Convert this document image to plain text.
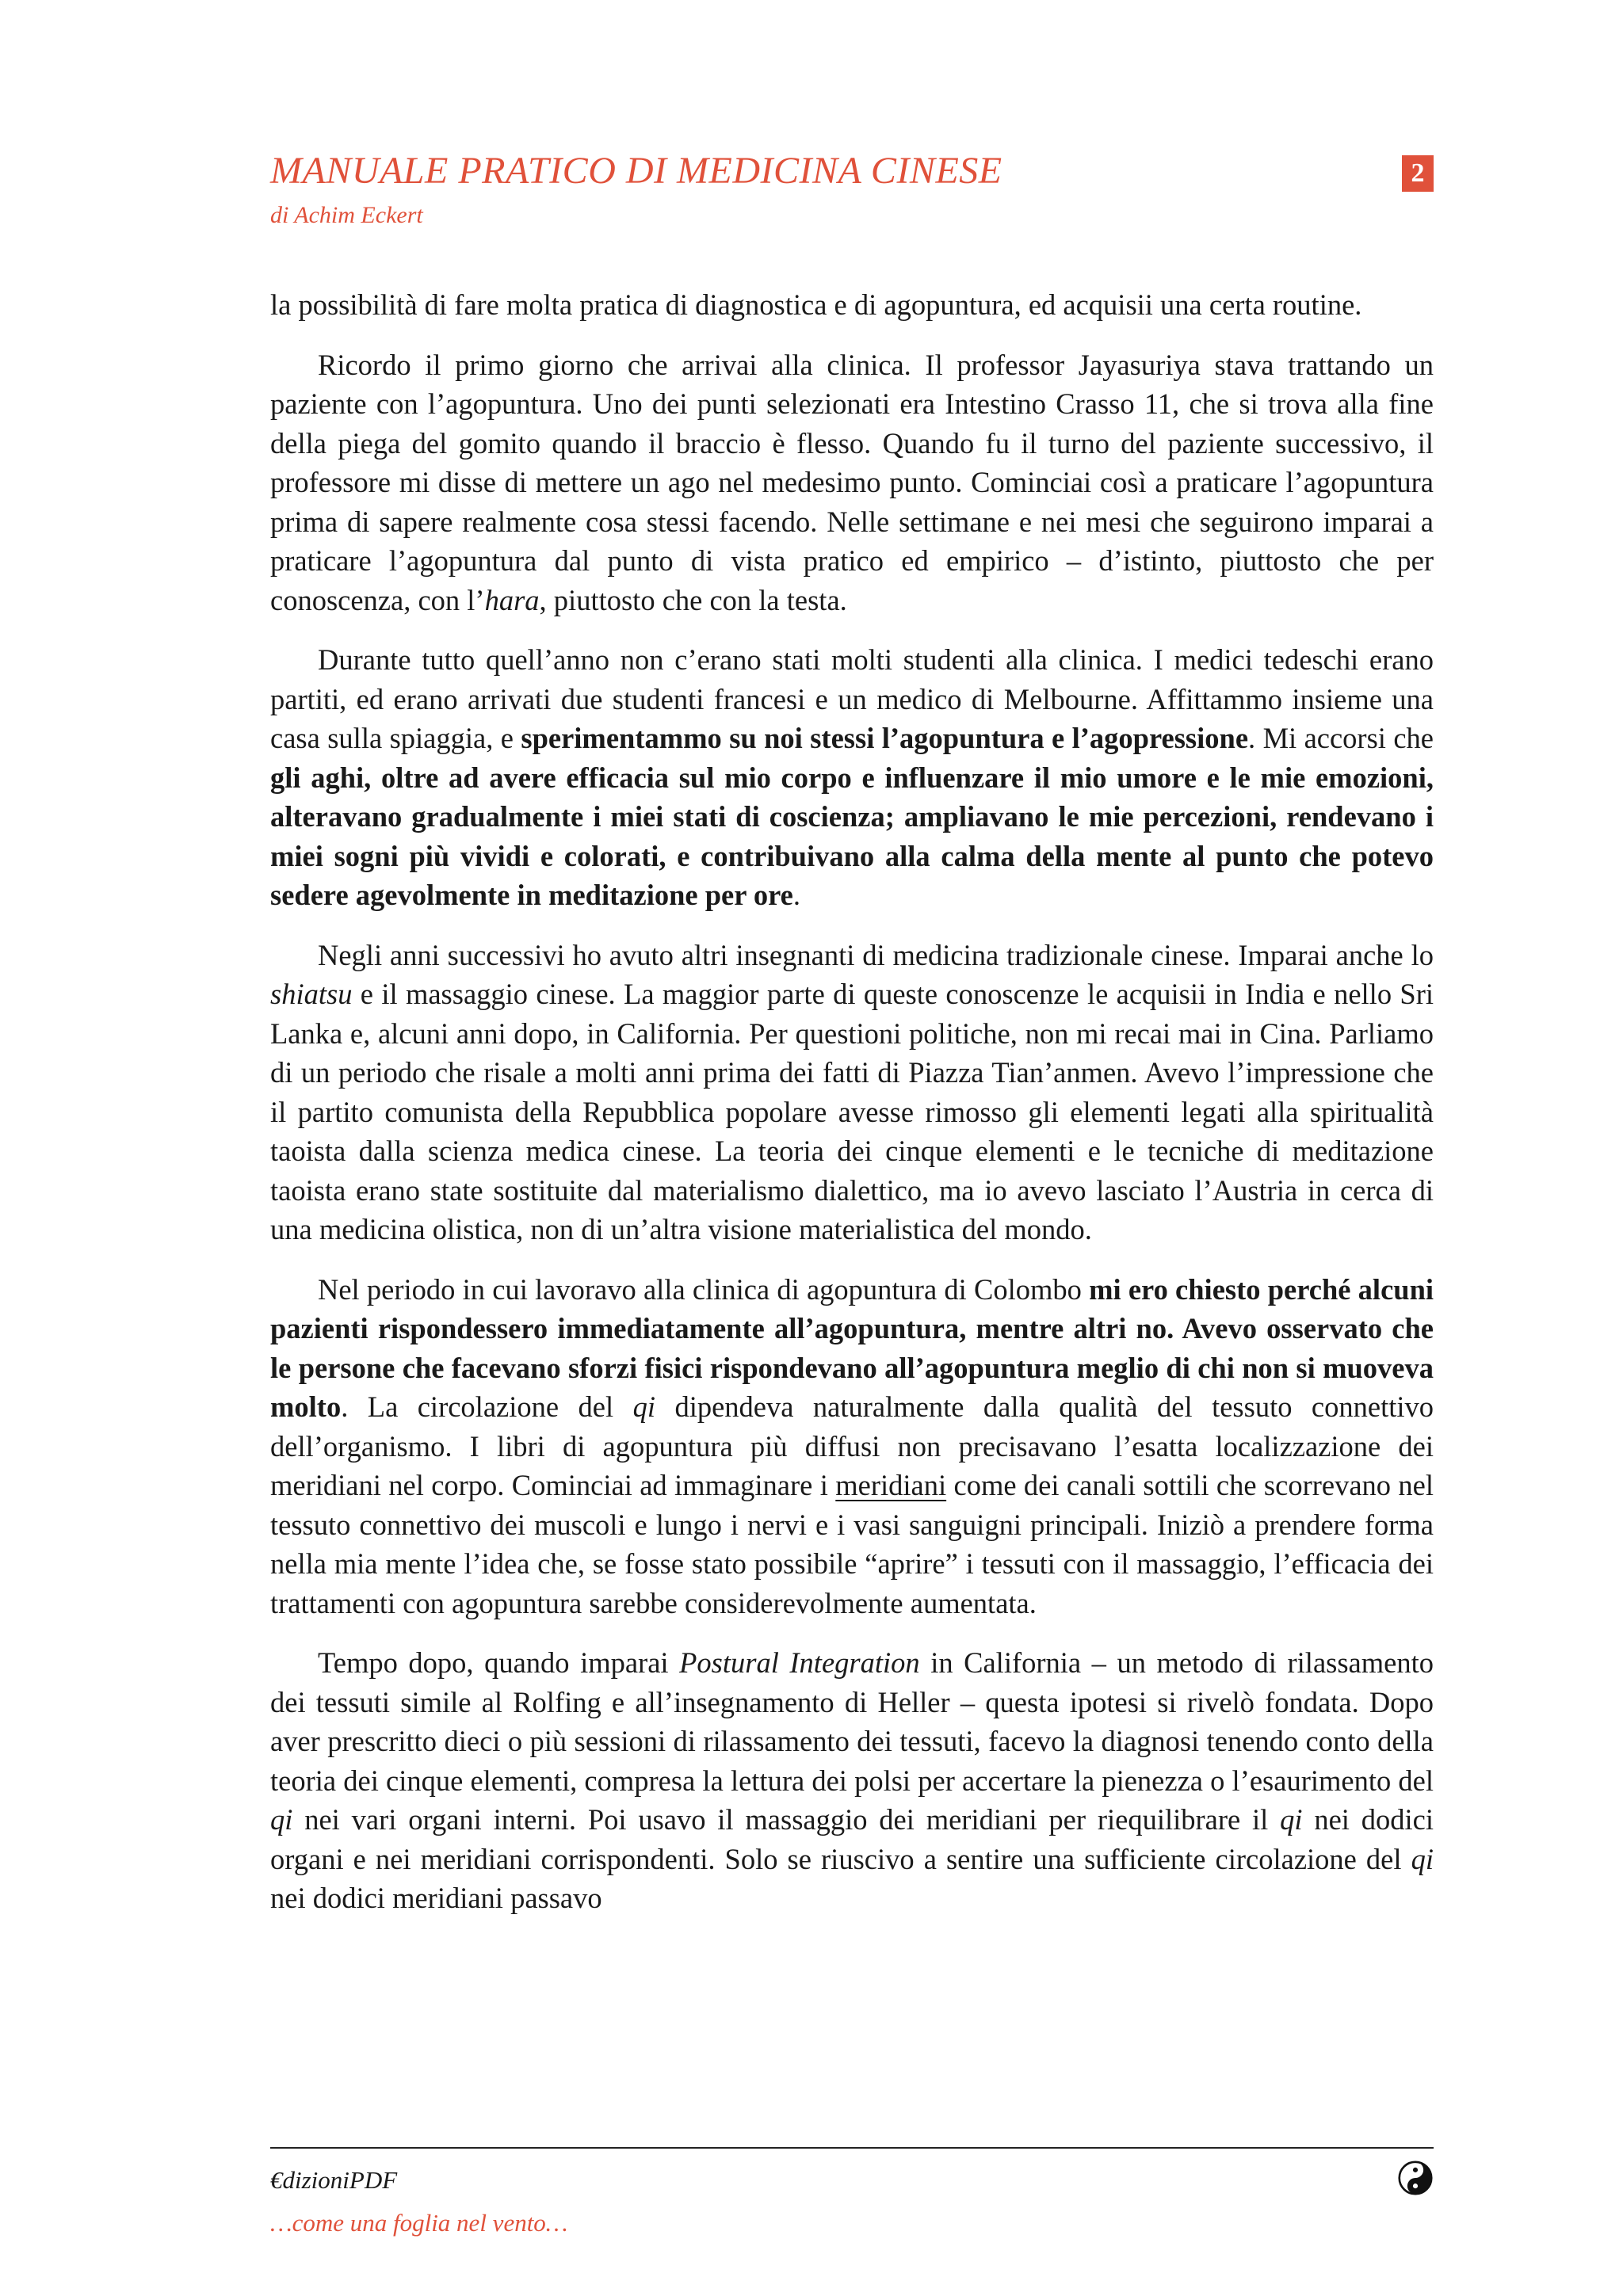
MANUALE PRATICO DI MEDICINA CINESE
di Achim Eckert
2

la possibilità di fare molta pratica di diagnostica e di agopuntura, ed acquisii una certa routine.

Ricordo il primo giorno che arrivai alla clinica. Il professor Jayasuriya stava trattando un paziente con l’agopuntura. Uno dei punti selezionati era Intestino Crasso 11, che si trova alla fine della piega del gomito quando il braccio è flesso. Quando fu il turno del paziente successivo, il professore mi disse di mettere un ago nel medesimo punto. Cominciai così a praticare l’agopuntura prima di sapere realmente cosa stessi facendo. Nelle settimane e nei mesi che seguirono imparai a praticare l’agopuntura dal punto di vista pratico ed empirico – d’istinto, piuttosto che per conoscenza, con l’hara, piuttosto che con la testa.

Durante tutto quell’anno non c’erano stati molti studenti alla clinica. I medici tedeschi erano partiti, ed erano arrivati due studenti francesi e un medico di Melbourne. Affittammo insieme una casa sulla spiaggia, e sperimentammo su noi stessi l’agopuntura e l’agopressione. Mi accorsi che gli aghi, oltre ad avere efficacia sul mio corpo e influenzare il mio umore e le mie emozioni, alteravano gradualmente i miei stati di coscienza; ampliavano le mie percezioni, rendevano i miei sogni più vividi e colorati, e contribuivano alla calma della mente al punto che potevo sedere agevolmente in meditazione per ore.

Negli anni successivi ho avuto altri insegnanti di medicina tradizionale cinese. Imparai anche lo shiatsu e il massaggio cinese. La maggior parte di queste conoscenze le acquisii in India e nello Sri Lanka e, alcuni anni dopo, in California. Per questioni politiche, non mi recai mai in Cina. Parliamo di un periodo che risale a molti anni prima dei fatti di Piazza Tian’anmen. Avevo l’impressione che il partito comunista della Repubblica popolare avesse rimosso gli elementi legati alla spiritualità taoista dalla scienza medica cinese. La teoria dei cinque elementi e le tecniche di meditazione taoista erano state sostituite dal materialismo dialettico, ma io avevo lasciato l’Austria in cerca di una medicina olistica, non di un’altra visione materialistica del mondo.

Nel periodo in cui lavoravo alla clinica di agopuntura di Colombo mi ero chiesto perché alcuni pazienti rispondessero immediatamente all’agopuntura, mentre altri no. Avevo osservato che le persone che facevano sforzi fisici rispondevano all’agopuntura meglio di chi non si muoveva molto. La circolazione del qi dipendeva naturalmente dalla qualità del tessuto connettivo dell’organismo. I libri di agopuntura più diffusi non precisavano l’esatta localizzazione dei meridiani nel corpo. Cominciai ad immaginare i meridiani come dei canali sottili che scorrevano nel tessuto connettivo dei muscoli e lungo i nervi e i vasi sanguigni principali. Iniziò a prendere forma nella mia mente l’idea che, se fosse stato possibile “aprire” i tessuti con il massaggio, l’efficacia dei trattamenti con agopuntura sarebbe considerevolmente aumentata.

Tempo dopo, quando imparai Postural Integration in California – un metodo di rilassamento dei tessuti simile al Rolfing e all’insegnamento di Heller – questa ipotesi si rivelò fondata. Dopo aver prescritto dieci o più sessioni di rilassamento dei tessuti, facevo la diagnosi tenendo conto della teoria dei cinque elementi, compresa la lettura dei polsi per accertare la pienezza o l’esaurimento del qi nei vari organi interni. Poi usavo il massaggio dei meridiani per riequilibrare il qi nei dodici organi e nei meridiani corrispondenti. Solo se riuscivo a sentire una sufficiente circolazione del qi nei dodici meridiani passavo

€dizioniPDF
…come una foglia nel vento…
